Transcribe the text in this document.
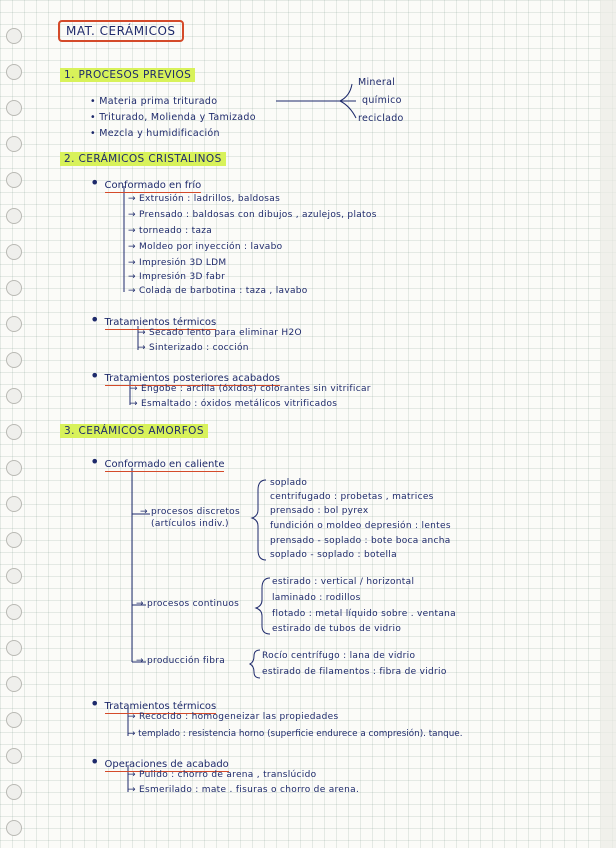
MAT. CERÁMICOS
1. PROCESOS PREVIOS
• Materia prima triturado
• Triturado, Molienda y Tamizado
• Mezcla y humidificación
Mineral
químico
reciclado
2. CERÁMICOS CRISTALINOS
• Conformado en frío
→ Extrusión : ladrillos, baldosas
→ Prensado : baldosas con dibujos , azulejos, platos
→ torneado : taza
→ Moldeo por inyección : lavabo
→ Impresión 3D LDM
→ Impresión 3D fabr
→ Colada de barbotina : taza , lavabo
• Tratamientos térmicos
→ Secado lento para eliminar H2O
→ Sinterizado : cocción
• Tratamientos posteriores acabados
→ Engobe : arcilla (óxidos) colorantes sin vitrificar
→ Esmaltado : óxidos metálicos vitrificados
3. CERÁMICOS AMORFOS
• Conformado en caliente
→ procesos discretos (artículos indiv.)
soplado
centrifugado : probetas , matrices
prensado : bol pyrex
fundición o moldeo depresión : lentes
prensado - soplado : bote boca ancha
soplado - soplado : botella
→ procesos continuos
estirado : vertical / horizontal
laminado : rodillos
flotado : metal líquido sobre . ventana
estirado de tubos de vidrio
→ producción fibra	Rocío centrífugo : lana de vidrio
estirado de filamentos : fibra de vidrio
• Tratamientos térmicos
→ Recocido : homogeneizar las propiedades
→ templado : resistencia horno (superficie endurece a compresión). tanque.
• Operaciones de acabado
→ Pulido : chorro de arena , translúcido
→ Esmerilado : mate . fisuras o chorro de arena.
